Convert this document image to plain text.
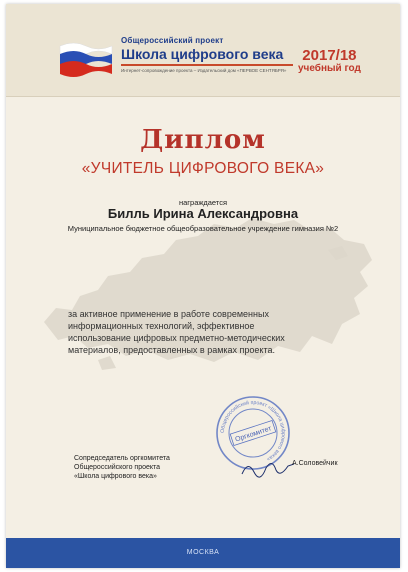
Общероссийский проект
Школа цифрового века
Интернет-сопровождение проекта – Издательский дом «ПЕРВОЕ СЕНТЯБРЯ»
2017/18
учебный год
Диплом
«УЧИТЕЛЬ ЦИФРОВОГО ВЕКА»
награждается
Билль Ирина Александровна
Муниципальное бюджетное общеобразовательное учреждение гимназия №2
за активное применение в работе современных
информационных технологий, эффективное
использование цифровых предметно-методических
материалов, предоставленных в рамках проекта.
Общероссийский проект «Школа цифрового века»
Оргкомитет
Сопредседатель оргкомитета
Общероссийского проекта
«Школа цифрового века»
А.Соловейчик
МОСКВА
